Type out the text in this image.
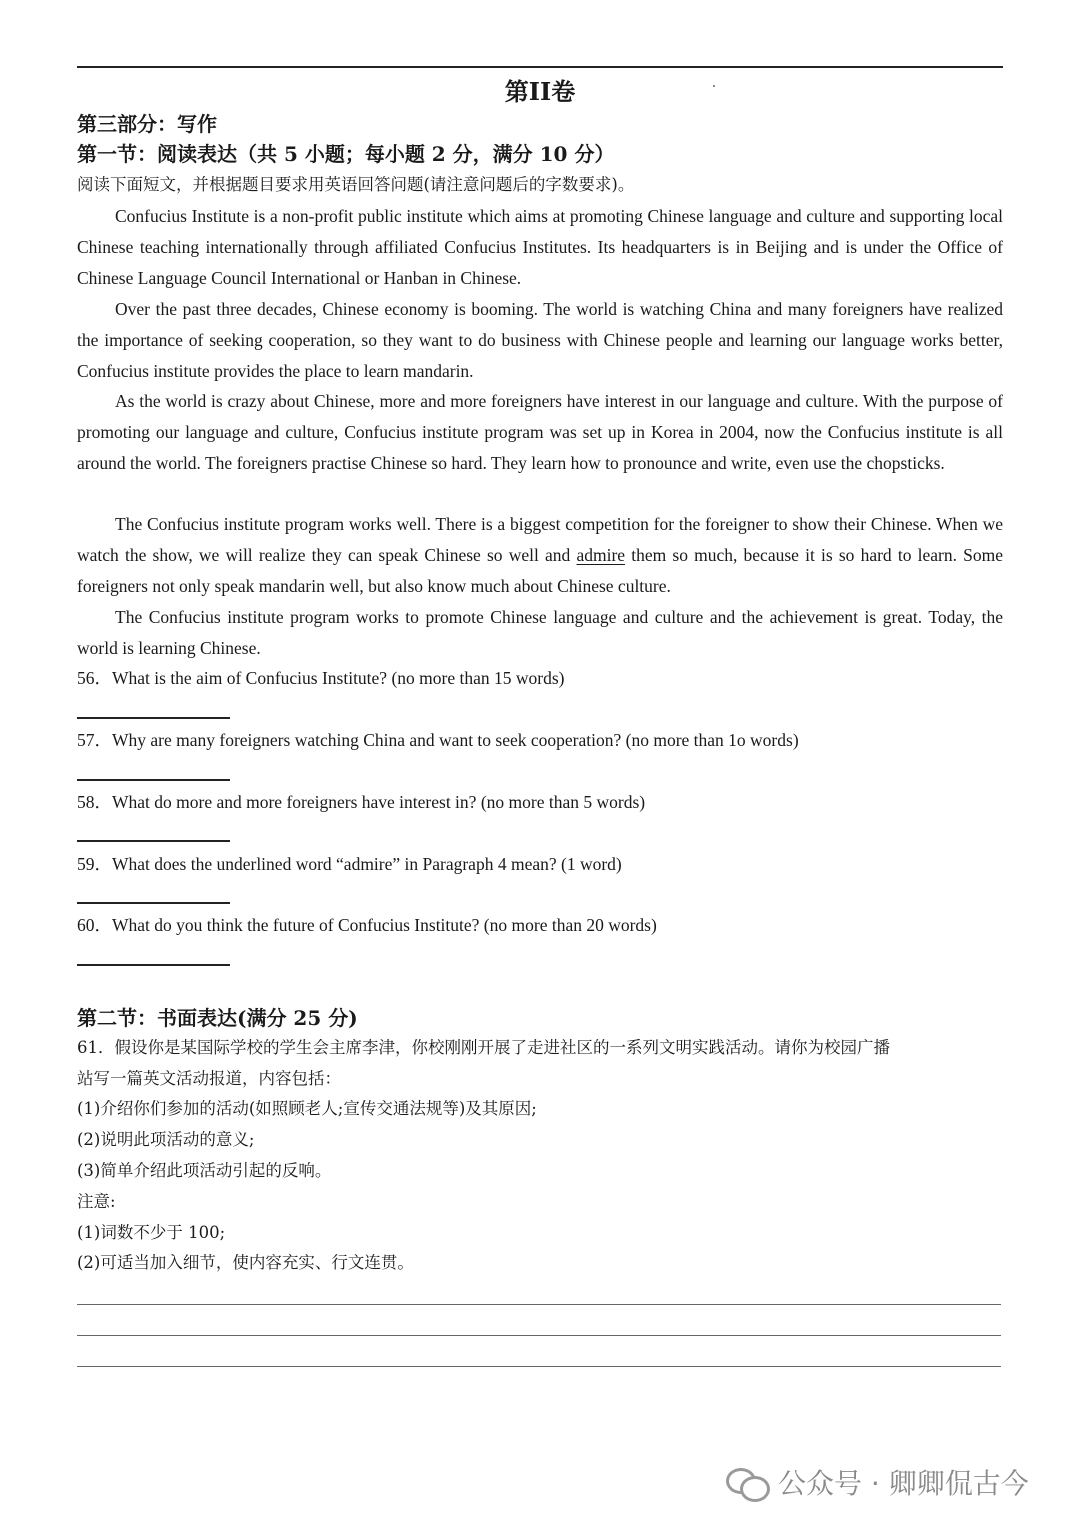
第II卷
第三部分：写作
第一节：阅读表达（共 5 小题；每小题 2 分，满分 10 分）
阅读下面短文，并根据题目要求用英语回答问题(请注意问题后的字数要求)。

Confucius Institute is a non-profit public institute which aims at promoting Chinese language and culture and supporting local Chinese teaching internationally through affiliated Confucius Institutes. Its headquarters is in Beijing and is under the Office of Chinese Language Council International or Hanban in Chinese.

Over the past three decades, Chinese economy is booming. The world is watching China and many foreigners have realized the importance of seeking cooperation, so they want to do business with Chinese people and learning our language works better, Confucius institute provides the place to learn mandarin.

As the world is crazy about Chinese, more and more foreigners have interest in our language and culture. With the purpose of promoting our language and culture, Confucius institute program was set up in Korea in 2004, now the Confucius institute is all around the world. The foreigners practise Chinese so hard. They learn how to pronounce and write, even use the chopsticks.

The Confucius institute program works well. There is a biggest competition for the foreigner to show their Chinese. When we watch the show, we will realize they can speak Chinese so well and admire them so much, because it is so hard to learn. Some foreigners not only speak mandarin well, but also know much about Chinese culture.

The Confucius institute program works to promote Chinese language and culture and the achievement is great. Today, the world is learning Chinese.

56．What is the aim of Confucius Institute? (no more than 15 words)
57．Why are many foreigners watching China and want to seek cooperation? (no more than 1o words)
58．What do more and more foreigners have interest in? (no more than 5 words)
59．What does the underlined word “admire” in Paragraph 4 mean? (1 word)
60．What do you think the future of Confucius Institute? (no more than 20 words)
第二节：书面表达(满分 25 分)
61．假设你是某国际学校的学生会主席李津，你校刚刚开展了走进社区的一系列文明实践活动。请你为校园广播
站写一篇英文活动报道，内容包括：
(1)介绍你们参加的活动(如照顾老人;宣传交通法规等)及其原因;
(2)说明此项活动的意义;
(3)简单介绍此项活动引起的反响。
注意:
(1)词数不少于 100;
(2)可适当加入细节，使内容充实、行文连贯。
公众号 · 卿卿侃古今
